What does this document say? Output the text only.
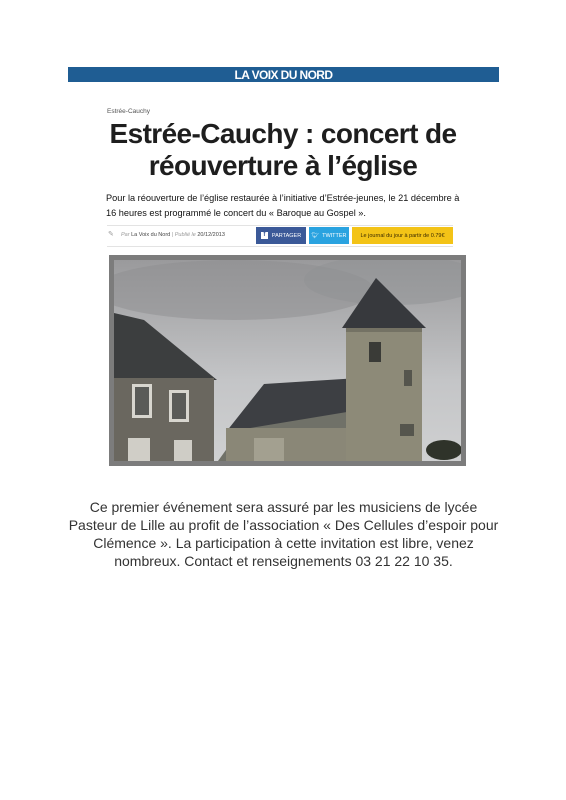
LA VOIX DU NORD
Estrée-Cauchy
Estrée-Cauchy : concert de réouverture à l’église
Pour la réouverture de l’église restaurée à l’initiative d’Estrée-jeunes, le 21 décembre à 16 heures est programmé le concert du « Baroque au Gospel ».
✎	Par La Voix du Nord | Publié le 20/12/2013	f	PARTAGER 🐦︎ TWITTER	Le journal du jour à partir de 0.79€
Ce premier événement sera assuré par les musiciens de lycée Pasteur de Lille au profit de l’association « Des Cellules d’espoir pour Clémence ». La participation à cette invitation est libre, venez nombreux. Contact et renseignements 03 21 22 10 35.
